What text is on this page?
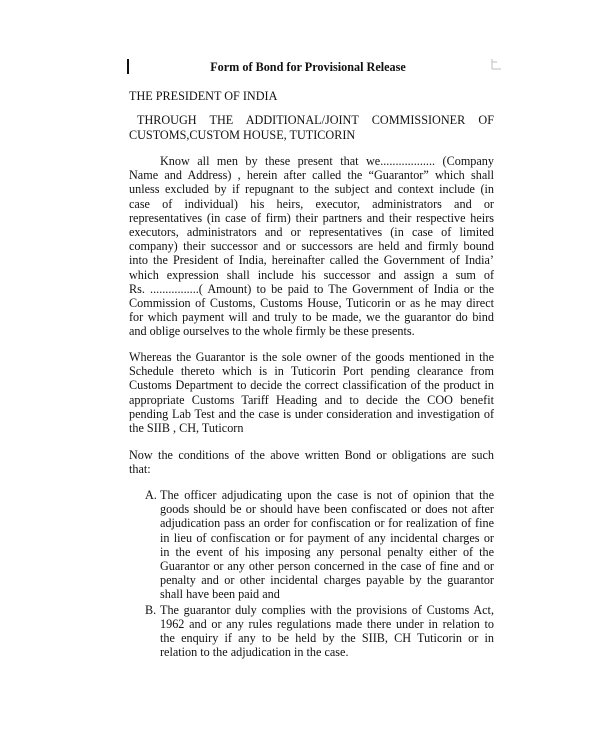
Form of Bond for Provisional Release
THE PRESIDENT OF INDIA
THROUGH THE ADDITIONAL/JOINT COMMISSIONER OF
CUSTOMS,CUSTOM HOUSE, TUTICORIN
Know all men by these present that we.................. (Company
Name and Address) , herein after called the “Guarantor” which shall
unless excluded by if repugnant to the subject and context include (in
case of individual) his heirs, executor, administrators and or
representatives (in case of firm) their partners and their respective heirs
executors, administrators and or representatives (in case of limited
company) their successor and or successors are held and firmly bound
into the President of India, hereinafter called the Government of India’
which expression shall include his successor and assign a sum of
Rs. ................( Amount) to be paid to The Government of India or the
Commission of Customs, Customs House, Tuticorin or as he may direct
for which payment will and truly to be made, we the guarantor do bind
and oblige ourselves to the whole firmly be these presents.
Whereas the Guarantor is the sole owner of the goods mentioned in the
Schedule thereto which is in Tuticorin Port pending clearance from
Customs Department to decide the correct classification of the product in
appropriate Customs Tariff Heading and to decide the COO benefit
pending Lab Test and the case is under consideration and investigation of
the SIIB , CH, Tuticorn
Now the conditions of the above written Bond or obligations are such
that:
A. The officer adjudicating upon the case is not of opinion that the
goods should be or should have been confiscated or does not after
adjudication pass an order for confiscation or for realization of fine
in lieu of confiscation or for payment of any incidental charges or
in the event of his imposing any personal penalty either of the
Guarantor or any other person concerned in the case of fine and or
penalty and or other incidental charges payable by the guarantor
shall have been paid and
B. The guarantor duly complies with the provisions of Customs Act,
1962 and or any rules regulations made there under in relation to
the enquiry if any to be held by the SIIB, CH Tuticorin or in
relation to the adjudication in the case.
